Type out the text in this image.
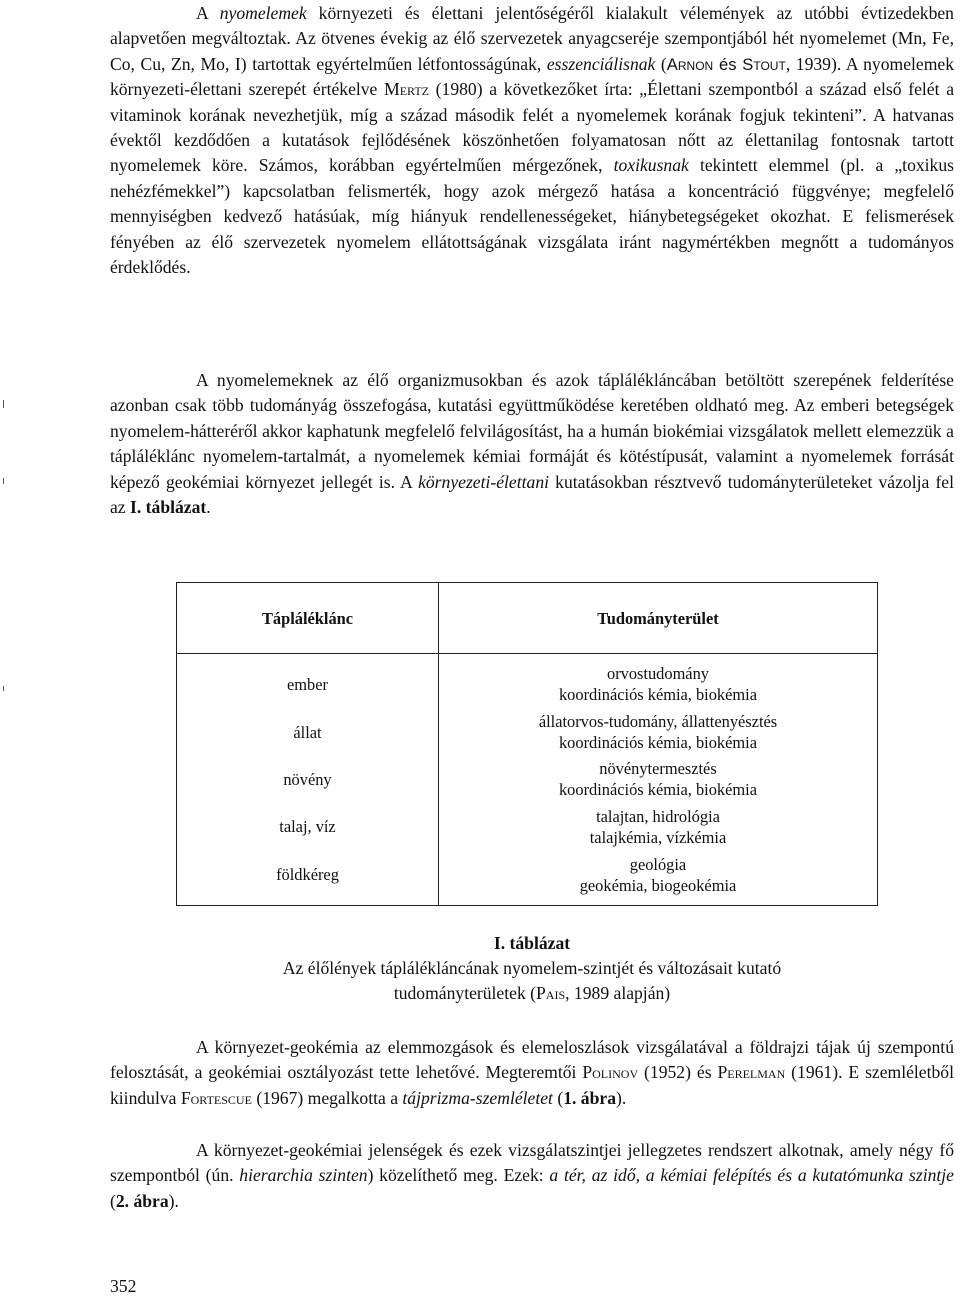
A nyomelemek környezeti és élettani jelentőségéről kialakult vélemények az utóbbi évtizedekben alapvetően megváltoztak. Az ötvenes évekig az élő szervezetek anyagcseréje szempontjából hét nyomelemet (Mn, Fe, Co, Cu, Zn, Mo, I) tartottak egyértelműen létfontosságúnak, esszenciálisnak (Arnon és Stout, 1939). A nyomelemek környezeti-élettani szerepét értékelve Mertz (1980) a következőket írta: „Élettani szempontból a század első felét a vitaminok korának nevezhetjük, míg a század második felét a nyomelemek korának fogjuk tekinteni”. A hatvanas évektől kezdődően a kutatások fejlődésének köszönhetően folyamatosan nőtt az élettanilag fontosnak tartott nyomelemek köre. Számos, korábban egyértelműen mérgezőnek, toxikusnak tekintett elemmel (pl. a „toxikus nehézfémekkel”) kapcsolatban felismerték, hogy azok mérgező hatása a koncentráció függvénye; megfelelő mennyiségben kedvező hatásúak, míg hiányuk rendellenességeket, hiánybetegségeket okozhat. E felismerések fényében az élő szervezetek nyomelem ellátottságának vizsgálata iránt nagymértékben megnőtt a tudományos érdeklődés.

A nyomelemeknek az élő organizmusokban és azok táplálékláncában betöltött szerepének felderítése azonban csak több tudományág összefogása, kutatási együttműködése keretében oldható meg. Az emberi betegségek nyomelem-hátteréről akkor kaphatunk megfelelő felvilágosítást, ha a humán biokémiai vizsgálatok mellett elemezzük a tápláléklánc nyomelem-tartalmát, a nyomelemek kémiai formáját és kötéstípusát, valamint a nyomelemek forrását képező geokémiai környezet jellegét is. A környezeti-élettani kutatásokban résztvevő tudományterületeket vázolja fel az I. táblázat.

Tápláléklánc	Tudományterület
ember	orvostudomány
koordinációs kémia, biokémia
állat	állatorvos-tudomány, állattenyésztés
koordinációs kémia, biokémia
növény	növénytermesztés
koordinációs kémia, biokémia
talaj, víz	talajtan, hidrológia
talajkémia, vízkémia
földkéreg	geológia
geokémia, biogeokémia
I. táblázat
Az élőlények táplálékláncának nyomelem-szintjét és változásait kutató
tudományterületek (Pais, 1989 alapján)

A környezet-geokémia az elemmozgások és elemeloszlások vizsgálatával a földrajzi tájak új szempontú felosztását, a geokémiai osztályozást tette lehetővé. Megteremtői Polinov (1952) és Perelman (1961). E szemléletből kiindulva Fortescue (1967) megalkotta a tájprizma-szemléletet (1. ábra).

A környezet-geokémiai jelenségek és ezek vizsgálatszintjei jellegzetes rendszert alkotnak, amely négy fő szempontból (ún. hierarchia szinten) közelíthető meg. Ezek: a tér, az idő, a kémiai felépítés és a kutatómunka szintje (2. ábra).

352
